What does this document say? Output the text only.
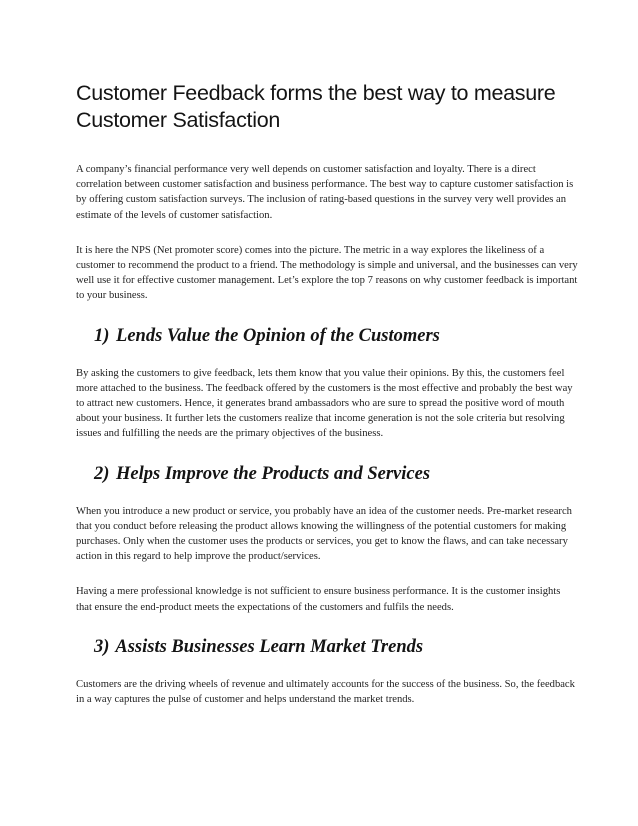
Customer Feedback forms the best way to measure Customer Satisfaction

A company’s financial performance very well depends on customer satisfaction and loyalty. There is a direct correlation between customer satisfaction and business performance. The best way to capture customer satisfaction is by offering custom satisfaction surveys. The inclusion of rating-based questions in the survey very well provides an estimate of the levels of customer satisfaction.

It is here the NPS (Net promoter score) comes into the picture. The metric in a way explores the likeliness of a customer to recommend the product to a friend. The methodology is simple and universal, and the businesses can very well use it for effective customer management. Let’s explore the top 7 reasons on why customer feedback is important to your business.

1) Lends Value the Opinion of the Customers

By asking the customers to give feedback, lets them know that you value their opinions. By this, the customers feel more attached to the business. The feedback offered by the customers is the most effective and probably the best way to attract new customers. Hence, it generates brand ambassadors who are sure to spread the positive word of mouth about your business. It further lets the customers realize that income generation is not the sole criteria but resolving issues and fulfilling the needs are the primary objectives of the business.

2) Helps Improve the Products and Services

When you introduce a new product or service, you probably have an idea of the customer needs. Pre-market research that you conduct before releasing the product allows knowing the willingness of the potential customers for making purchases. Only when the customer uses the products or services, you get to know the flaws, and can take necessary action in this regard to help improve the product/services.

Having a mere professional knowledge is not sufficient to ensure business performance. It is the customer insights that ensure the end-product meets the expectations of the customers and fulfils the needs.

3) Assists Businesses Learn Market Trends

Customers are the driving wheels of revenue and ultimately accounts for the success of the business. So, the feedback in a way captures the pulse of customer and helps understand the market trends.
